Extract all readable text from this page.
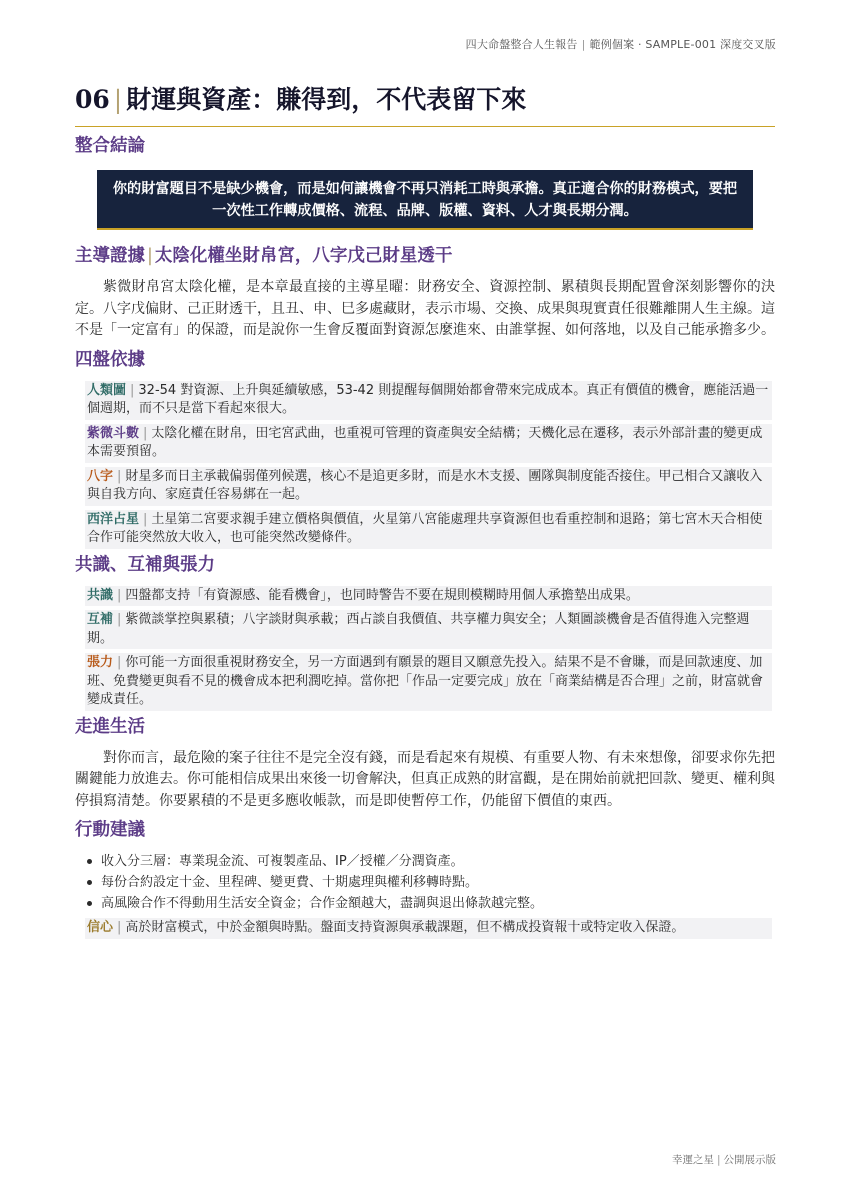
四大命盤整合人生報告 | 範例個案 · SAMPLE-001 深度交叉版
06 | 財運與資產：賺得到，不代表留下來
整合結論
你的財富題目不是缺少機會，而是如何讓機會不再只消耗工時與承擔。真正適合你的財務模式，要把一次性工作轉成價格、流程、品牌、版權、資料、人才與長期分潤。
主導證據 | 太陰化權坐財帛宮，八字戊己財星透干

紫微財帛宮太陰化權，是本章最直接的主導星曜：財務安全、資源控制、累積與長期配置會深刻影響你的決定。八字戊偏財、己正財透干，且丑、申、巳多處藏財，表示市場、交換、成果與現實責任很難離開人生主線。這不是「一定富有」的保證，而是說你一生會反覆面對資源怎麼進來、由誰掌握、如何落地，以及自己能承擔多少。

四盤依據
人類圖 | 32-54 對資源、上升與延續敏感，53-42 則提醒每個開始都會帶來完成成本。真正有價值的機會，應能活過一個週期，而不只是當下看起來很大。
紫微斗數 | 太陰化權在財帛，田宅宮武曲，也重視可管理的資產與安全結構；天機化忌在遷移，表示外部計畫的變更成本需要預留。
八字 | 財星多而日主承載偏弱僅列候選，核心不是追更多財，而是水木支援、團隊與制度能否接住。甲己相合又讓收入與自我方向、家庭責任容易綁在一起。
西洋占星 | 土星第二宮要求親手建立價格與價值，火星第八宮能處理共享資源但也看重控制和退路；第七宮木天合相使合作可能突然放大收入，也可能突然改變條件。
共識、互補與張力
共識 | 四盤都支持「有資源感、能看機會」，也同時警告不要在規則模糊時用個人承擔墊出成果。
互補 | 紫微談掌控與累積；八字談財與承載；西占談自我價值、共享權力與安全；人類圖談機會是否值得進入完整週期。
張力 | 你可能一方面很重視財務安全，另一方面遇到有願景的題目又願意先投入。結果不是不會賺，而是回款速度、加班、免費變更與看不見的機會成本把利潤吃掉。當你把「作品一定要完成」放在「商業結構是否合理」之前，財富就會變成責任。
走進生活

對你而言，最危險的案子往往不是完全沒有錢，而是看起來有規模、有重要人物、有未來想像，卻要求你先把關鍵能力放進去。你可能相信成果出來後一切會解決，但真正成熟的財富觀，是在開始前就把回款、變更、權利與停損寫清楚。你要累積的不是更多應收帳款，而是即使暫停工作，仍能留下價值的東西。

行動建議
收入分三層：專業現金流、可複製產品、IP／授權／分潤資產。
每份合約設定十金、里程碑、變更費、十期處理與權利移轉時點。
高風險合作不得動用生活安全資金；合作金額越大，盡調與退出條款越完整。
信心 | 高於財富模式，中於金額與時點。盤面支持資源與承載課題，但不構成投資報十或特定收入保證。
幸運之星 | 公開展示版
